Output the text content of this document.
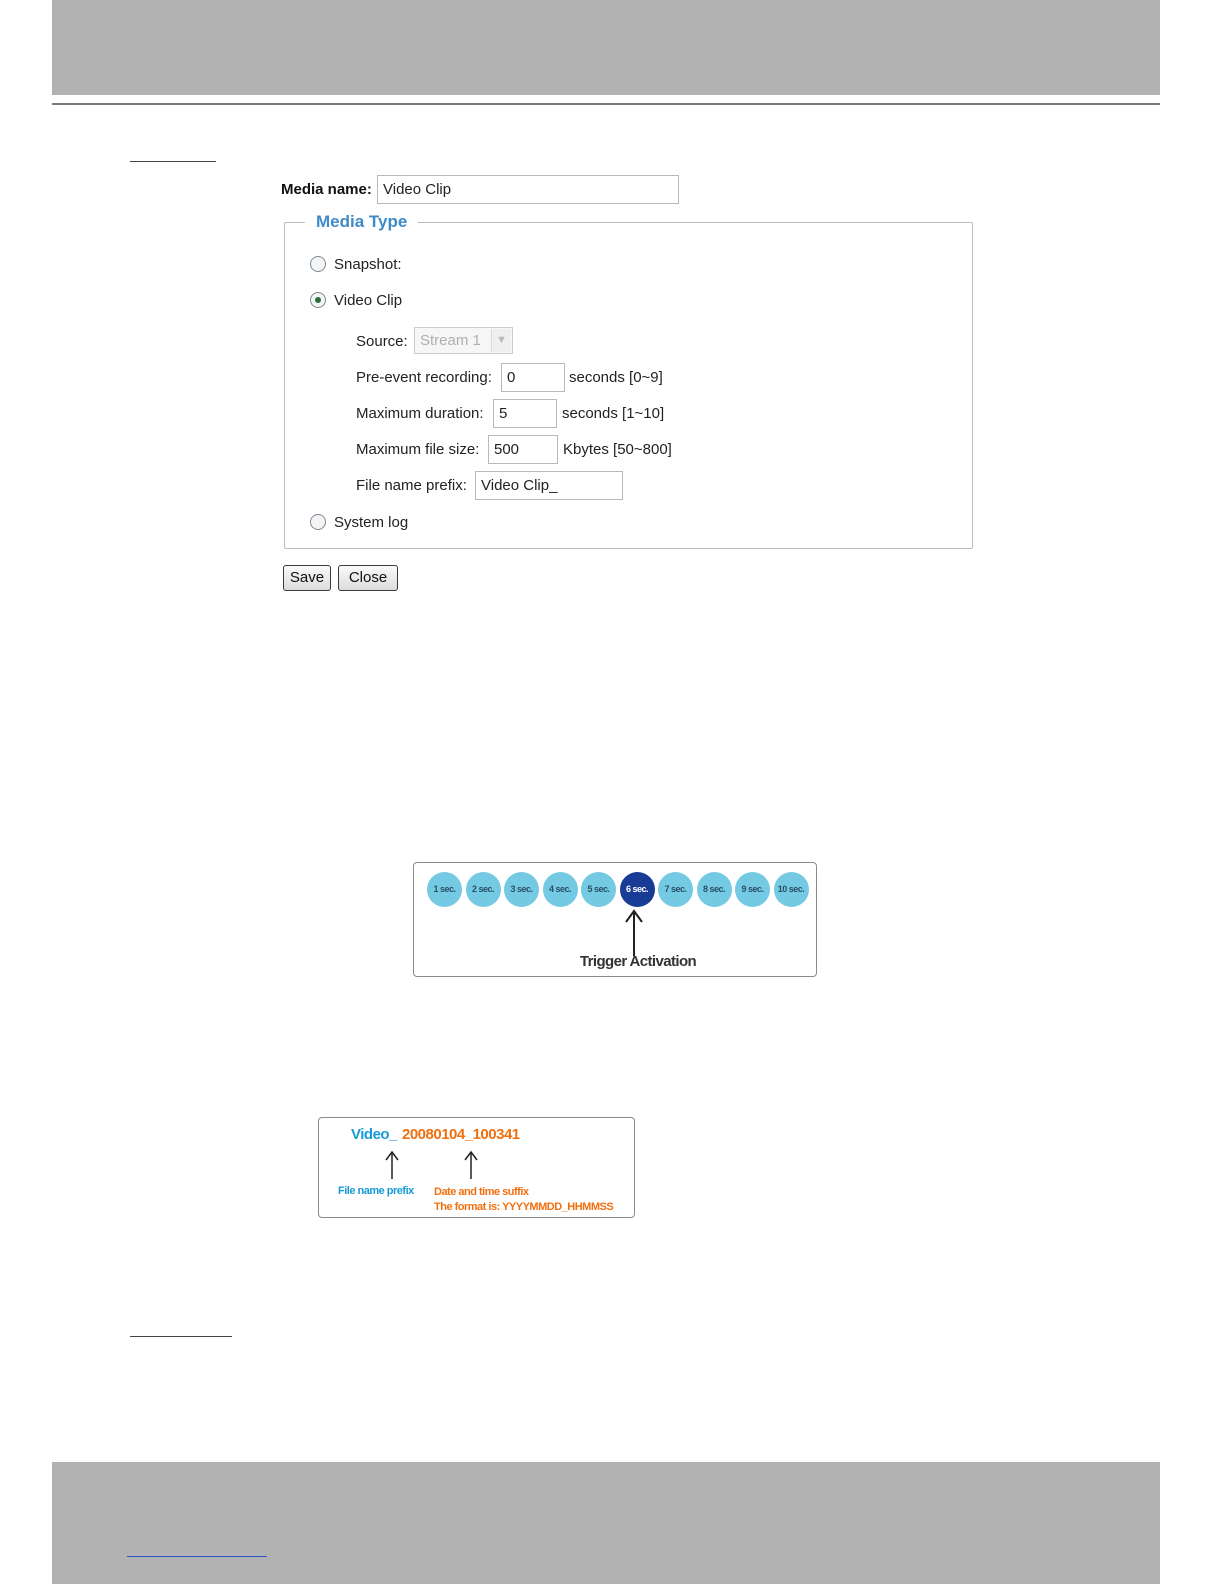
Media name: Video Clip
Media Type
Snapshot:
Video Clip
Source: Stream 1	▼
Pre-event recording:	0	seconds [0~9]
Maximum duration:	5	seconds [1~10]
Maximum file size: 500	Kbytes [50~800]
File name prefix: Video Clip_
System log
Save	Close
1 sec.	2 sec.	3 sec.	4 sec.	5 sec.	6 sec.	7 sec.	8 sec.	9 sec.	10 sec.
Trigger Activation
Video_ 20080104_100341
File name prefix Date and time suffix
The format is: YYYYMMDD_HHMMSS
